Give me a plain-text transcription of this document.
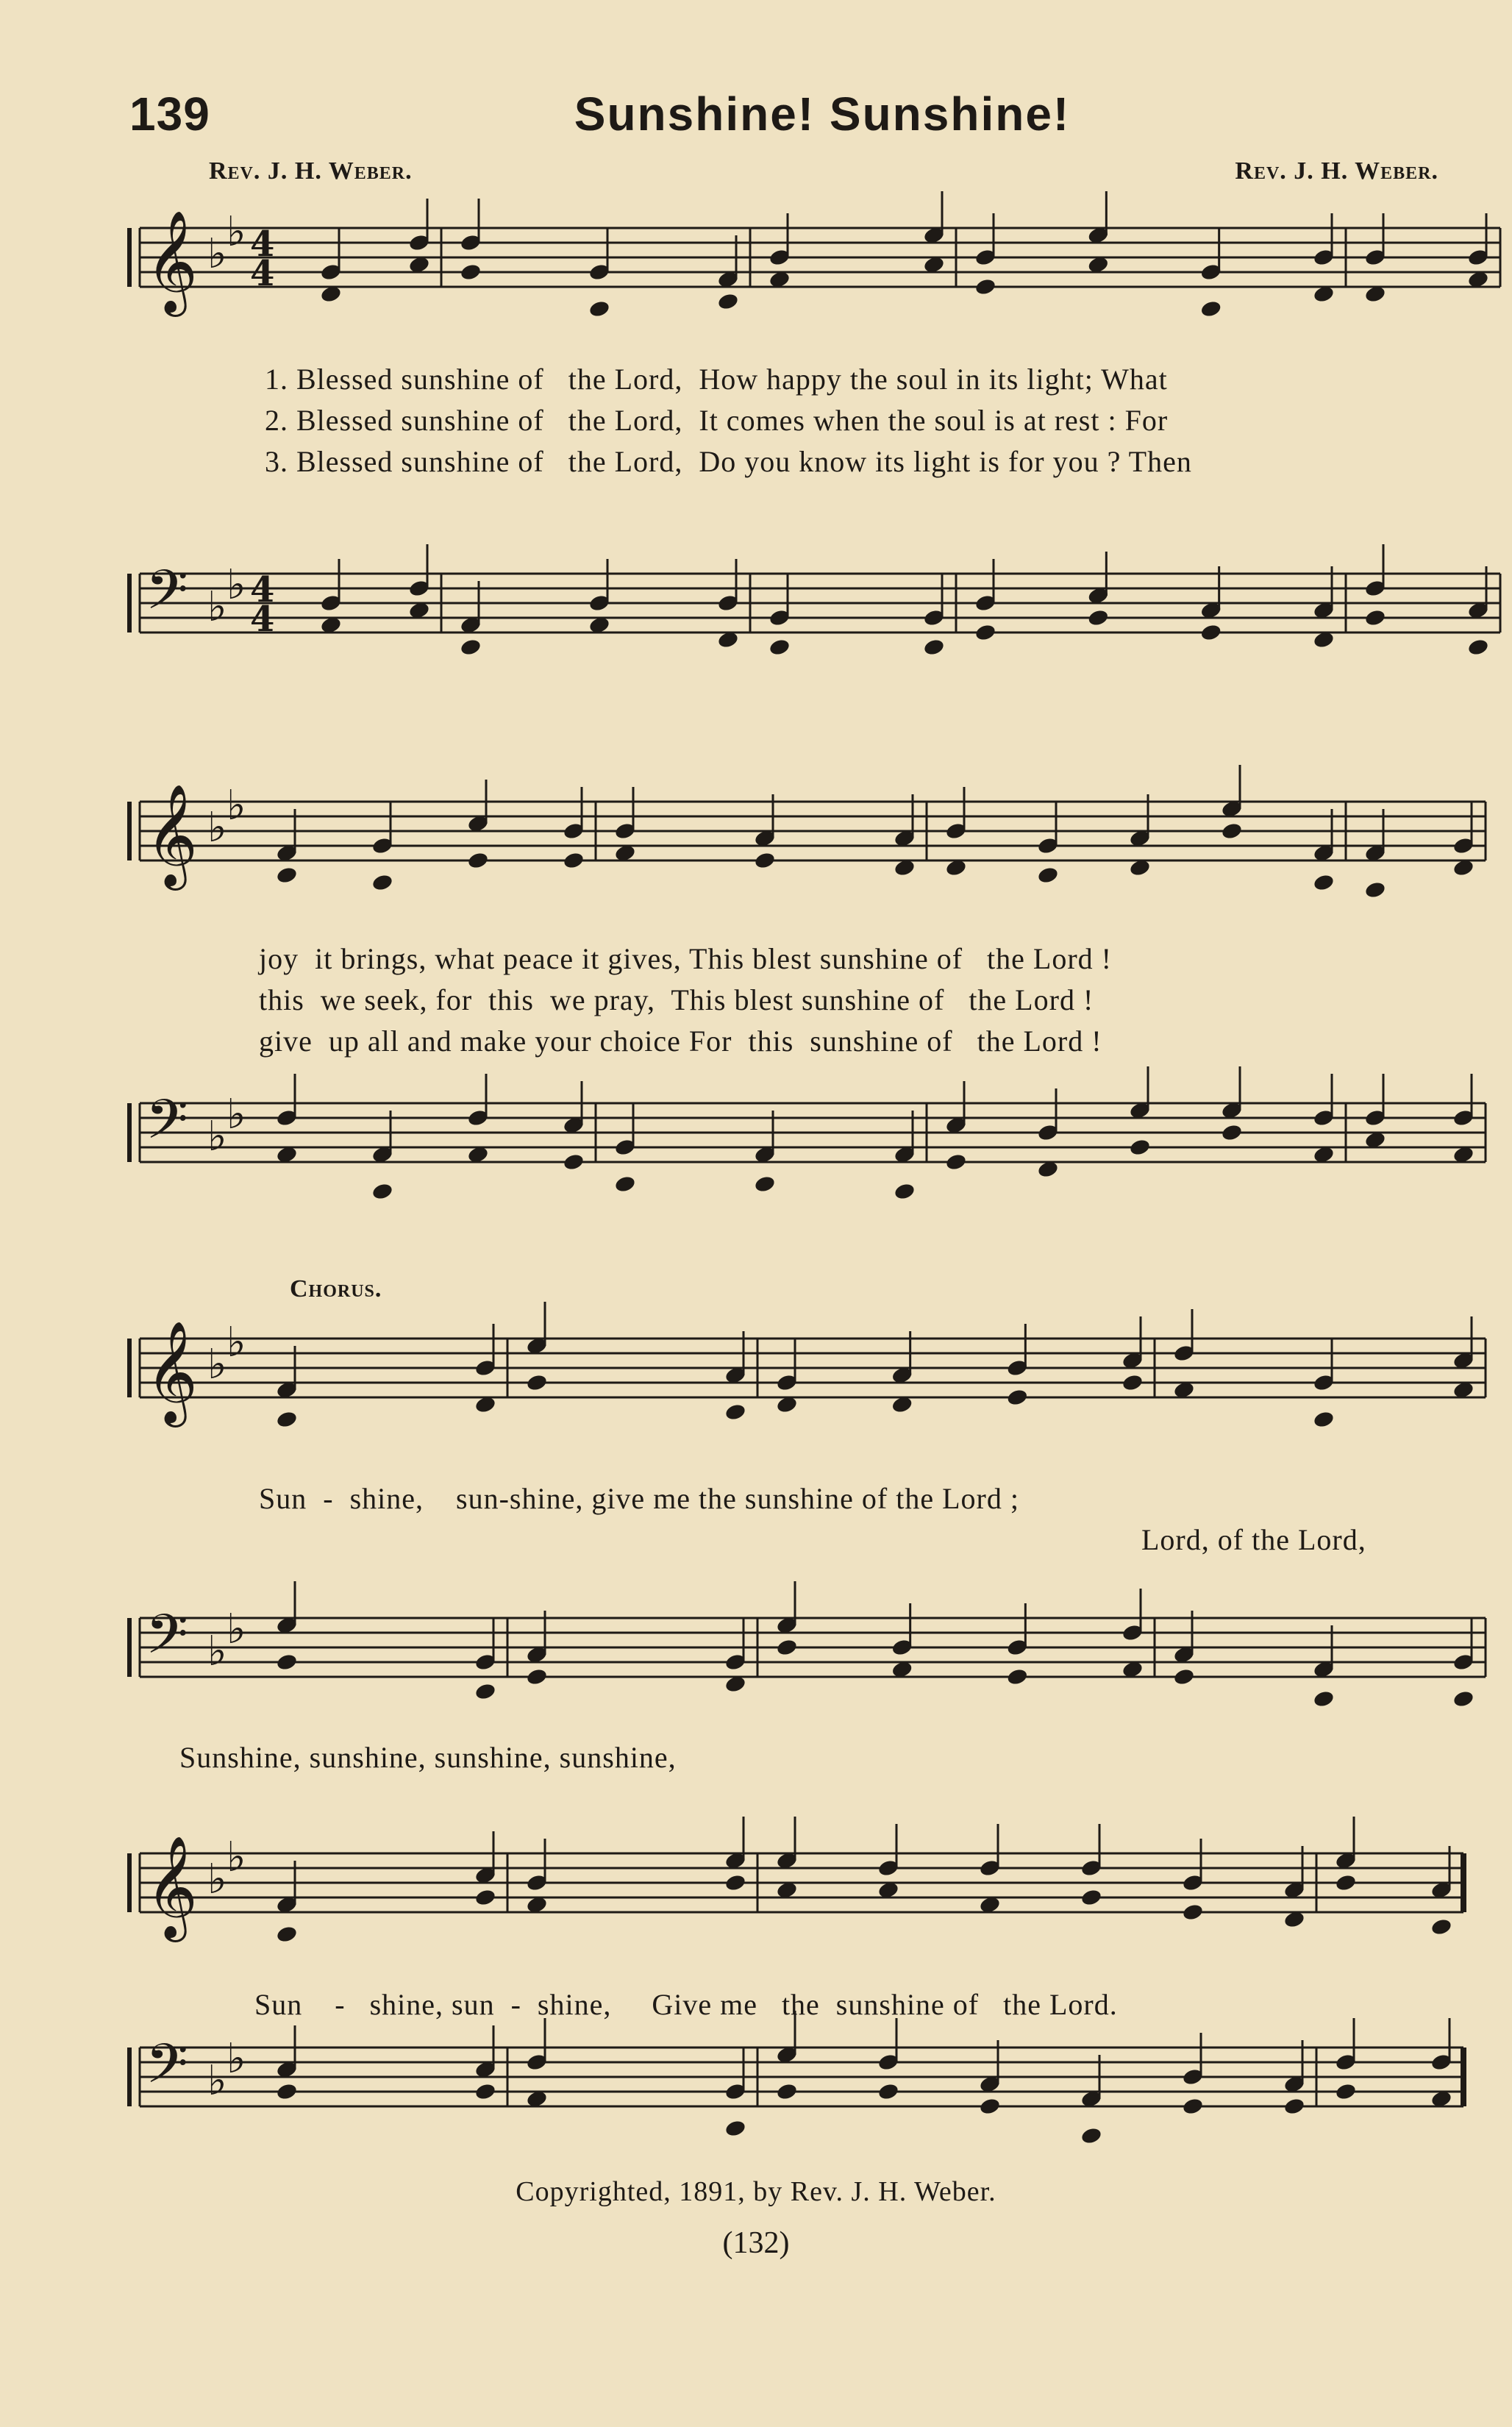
139	Sunshine! Sunshine!
Rev. J. H. Weber.	Rev. J. H. Weber.
𝄞 ♭ ♭ 4
4
1. Blessed sunshine of   the Lord,  How happy the soul in its light; What
2. Blessed sunshine of   the Lord,  It comes when the soul is at rest : For
3. Blessed sunshine of   the Lord,  Do you know its light is for you ? Then
𝄢 ♭ ♭ 4
4
𝄞 ♭ ♭
joy  it brings, what peace it gives, This blest sunshine of   the Lord !
this  we seek, for  this  we pray,  This blest sunshine of   the Lord !
give  up all and make your choice For  this  sunshine of   the Lord !
𝄢 ♭ ♭
Chorus.
𝄞 ♭ ♭
Sun  -  shine,    sun-shine, give me the sunshine of the Lord ;
Lord, of the Lord,
𝄢 ♭ ♭
Sunshine, sunshine, sunshine, sunshine,
𝄞 ♭ ♭
Sun    -   shine, sun  -  shine,     Give me   the  sunshine of   the Lord.
𝄢 ♭ ♭
Copyrighted, 1891, by Rev. J. H. Weber.
(132)
